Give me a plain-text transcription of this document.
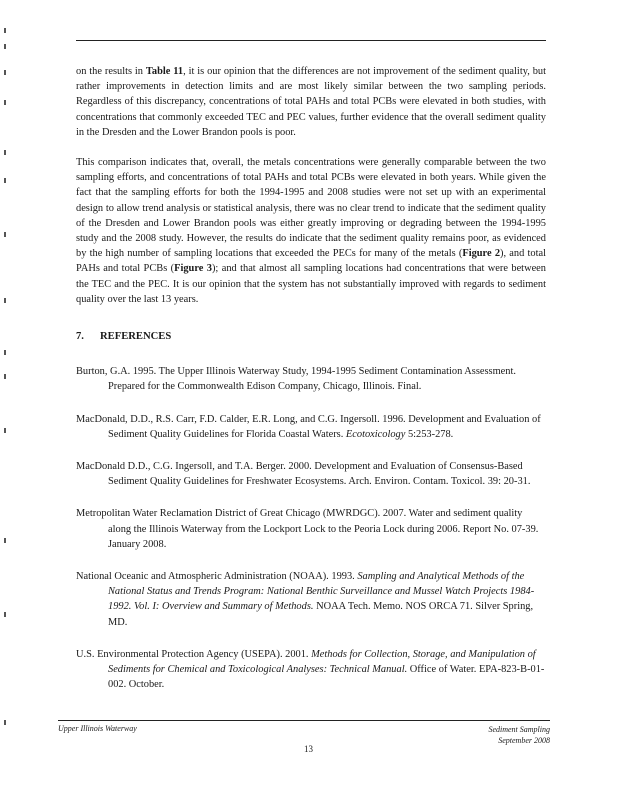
on the results in Table 11, it is our opinion that the differences are not improvement of the sediment quality, but rather improvements in detection limits and are most likely similar between the two sampling periods. Regardless of this discrepancy, concentrations of total PAHs and total PCBs were elevated in both studies, with concentrations that commonly exceeded TEC and PEC values, further evidence that the overall sediment quality in the Dresden and the Lower Brandon pools is poor.

This comparison indicates that, overall, the metals concentrations were generally comparable between the two sampling efforts, and concentrations of total PAHs and total PCBs were elevated in both years. While given the fact that the sampling efforts for both the 1994-1995 and 2008 studies were not set up with an experimental design to allow trend analysis or statistical analysis, there was no clear trend to indicate that the sediment quality of the Dresden and Lower Brandon pools was either greatly improving or degrading between the 1994-1995 study and the 2008 study. However, the results do indicate that the sediment quality remains poor, as evidenced by the high number of sampling locations that exceeded the PECs for many of the metals (Figure 2), and total PAHs and total PCBs (Figure 3); and that almost all sampling locations had concentrations that were between the TEC and the PEC. It is our opinion that the system has not substantially improved with regards to sediment quality over the last 13 years.

7. REFERENCES

Burton, G.A. 1995. The Upper Illinois Waterway Study, 1994-1995 Sediment Contamination Assessment. Prepared for the Commonwealth Edison Company, Chicago, Illinois. Final.

MacDonald, D.D., R.S. Carr, F.D. Calder, E.R. Long, and C.G. Ingersoll. 1996. Development and Evaluation of Sediment Quality Guidelines for Florida Coastal Waters. Ecotoxicology 5:253-278.

MacDonald D.D., C.G. Ingersoll, and T.A. Berger. 2000. Development and Evaluation of Consensus-Based Sediment Quality Guidelines for Freshwater Ecosystems. Arch. Environ. Contam. Toxicol. 39: 20-31.

Metropolitan Water Reclamation District of Great Chicago (MWRDGC). 2007. Water and sediment quality along the Illinois Waterway from the Lockport Lock to the Peoria Lock during 2006. Report No. 07-39. January 2008.

National Oceanic and Atmospheric Administration (NOAA). 1993. Sampling and Analytical Methods of the National Status and Trends Program: National Benthic Surveillance and Mussel Watch Projects 1984-1992. Vol. I: Overview and Summary of Methods. NOAA Tech. Memo. NOS ORCA 71. Silver Spring, MD.

U.S. Environmental Protection Agency (USEPA). 2001. Methods for Collection, Storage, and Manipulation of Sediments for Chemical and Toxicological Analyses: Technical Manual. Office of Water. EPA-823-B-01-002. October.

Upper Illinois Waterway	Sediment Sampling
September 2008
13
